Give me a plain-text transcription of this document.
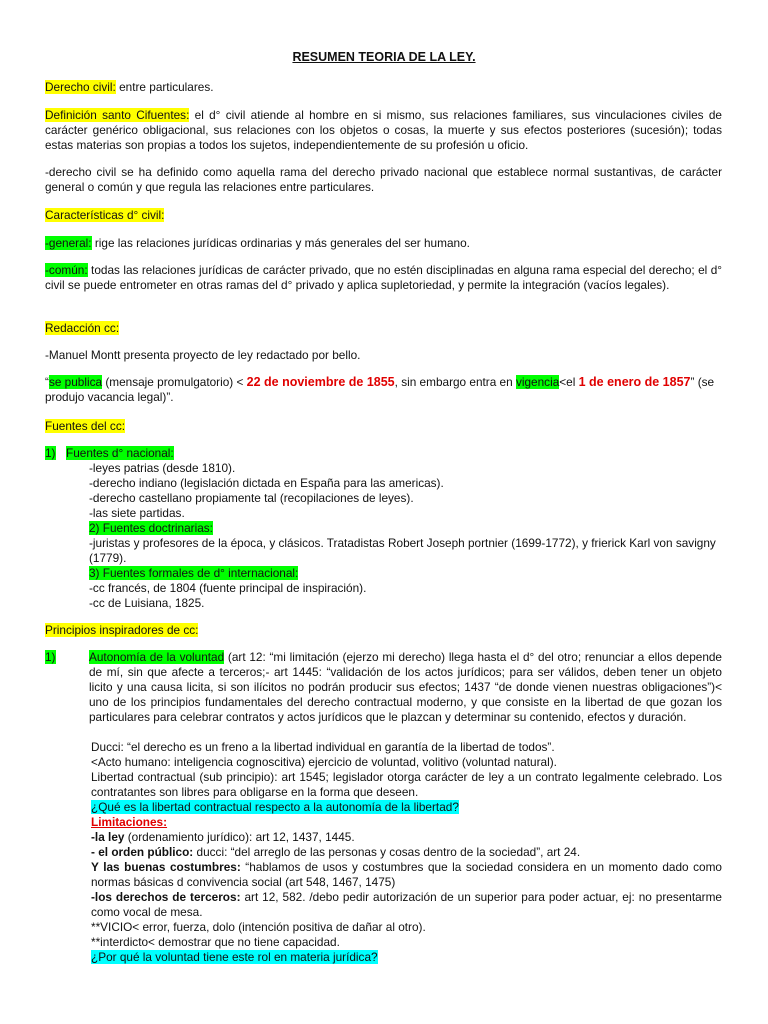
RESUMEN TEORIA DE LA LEY.
Derecho civil: entre particulares.
Definición santo Cifuentes: el d° civil atiende al hombre en si mismo, sus relaciones familiares, sus vinculaciones civiles de carácter genérico obligacional, sus relaciones con los objetos o cosas, la muerte y sus efectos posteriores (sucesión); todas estas materias son propias a todos los sujetos, independientemente de su profesión u oficio.
-derecho civil se ha definido como aquella rama del derecho privado nacional que establece normal sustantivas, de carácter general o común y que regula las relaciones entre particulares.
Características d° civil:
-general: rige las relaciones jurídicas ordinarias y más generales del ser humano.
-común: todas las relaciones jurídicas de carácter privado, que no estén disciplinadas en alguna rama especial del derecho; el d° civil se puede entrometer en otras ramas del d° privado y aplica supletoriedad, y permite la integración (vacíos legales).
Redacción cc:
-Manuel Montt presenta proyecto de ley redactado por bello.
“se publica (mensaje promulgatorio) < 22 de noviembre de 1855, sin embargo entra en vigencia<el 1 de enero de 1857” (se produjo vacancia legal)”.
Fuentes del cc:
1) Fuentes d° nacional:
-leyes patrias (desde 1810).
-derecho indiano (legislación dictada en España para las americas).
-derecho castellano propiamente tal (recopilaciones de leyes).
-las siete partidas.
2) Fuentes doctrinarias:
-juristas y profesores de la época, y clásicos. Tratadistas Robert Joseph portnier (1699-1772), y frierick Karl von savigny (1779).
3) Fuentes formales de d° internacional:
-cc francés, de 1804 (fuente principal de inspiración).
-cc de Luisiana, 1825.
Principios inspiradores de cc:
1)	Autonomía de la voluntad (art 12: “mi limitación (ejerzo mi derecho) llega hasta el d° del otro; renunciar a ellos depende de mí, sin que afecte a terceros;- art 1445: “validación de los actos jurídicos; para ser válidos, deben tener un objeto licito y una causa licita, si son ilícitos no podrán producir sus efectos; 1437 “de donde vienen nuestras obligaciones”)< uno de los principios fundamentales del derecho contractual moderno, y que consiste en la libertad de que gozan los particulares para celebrar contratos y actos jurídicos que le plazcan y determinar su contenido, efectos y duración.
Ducci: “el derecho es un freno a la libertad individual en garantía de la libertad de todos”.
<Acto humano: inteligencia cognoscitiva) ejercicio de voluntad, volitivo (voluntad natural).
Libertad contractual (sub principio): art 1545; legislador otorga carácter de ley a un contrato legalmente celebrado. Los contratantes son libres para obligarse en la forma que deseen.
¿Qué es la libertad contractual respecto a la autonomía de la libertad?
Limitaciones:
-la ley (ordenamiento jurídico): art 12, 1437, 1445.
- el orden público: ducci: “del arreglo de las personas y cosas dentro de la sociedad”, art 24.
Y las buenas costumbres: “hablamos de usos y costumbres que la sociedad considera en un momento dado como normas básicas d convivencia social (art 548, 1467, 1475)
-los derechos de terceros: art 12, 582. /debo pedir autorización de un superior para poder actuar, ej: no presentarme como vocal de mesa.
**VICIO< error, fuerza, dolo (intención positiva de dañar al otro).
**interdicto< demostrar que no tiene capacidad.
¿Por qué la voluntad tiene este rol en materia jurídica?
